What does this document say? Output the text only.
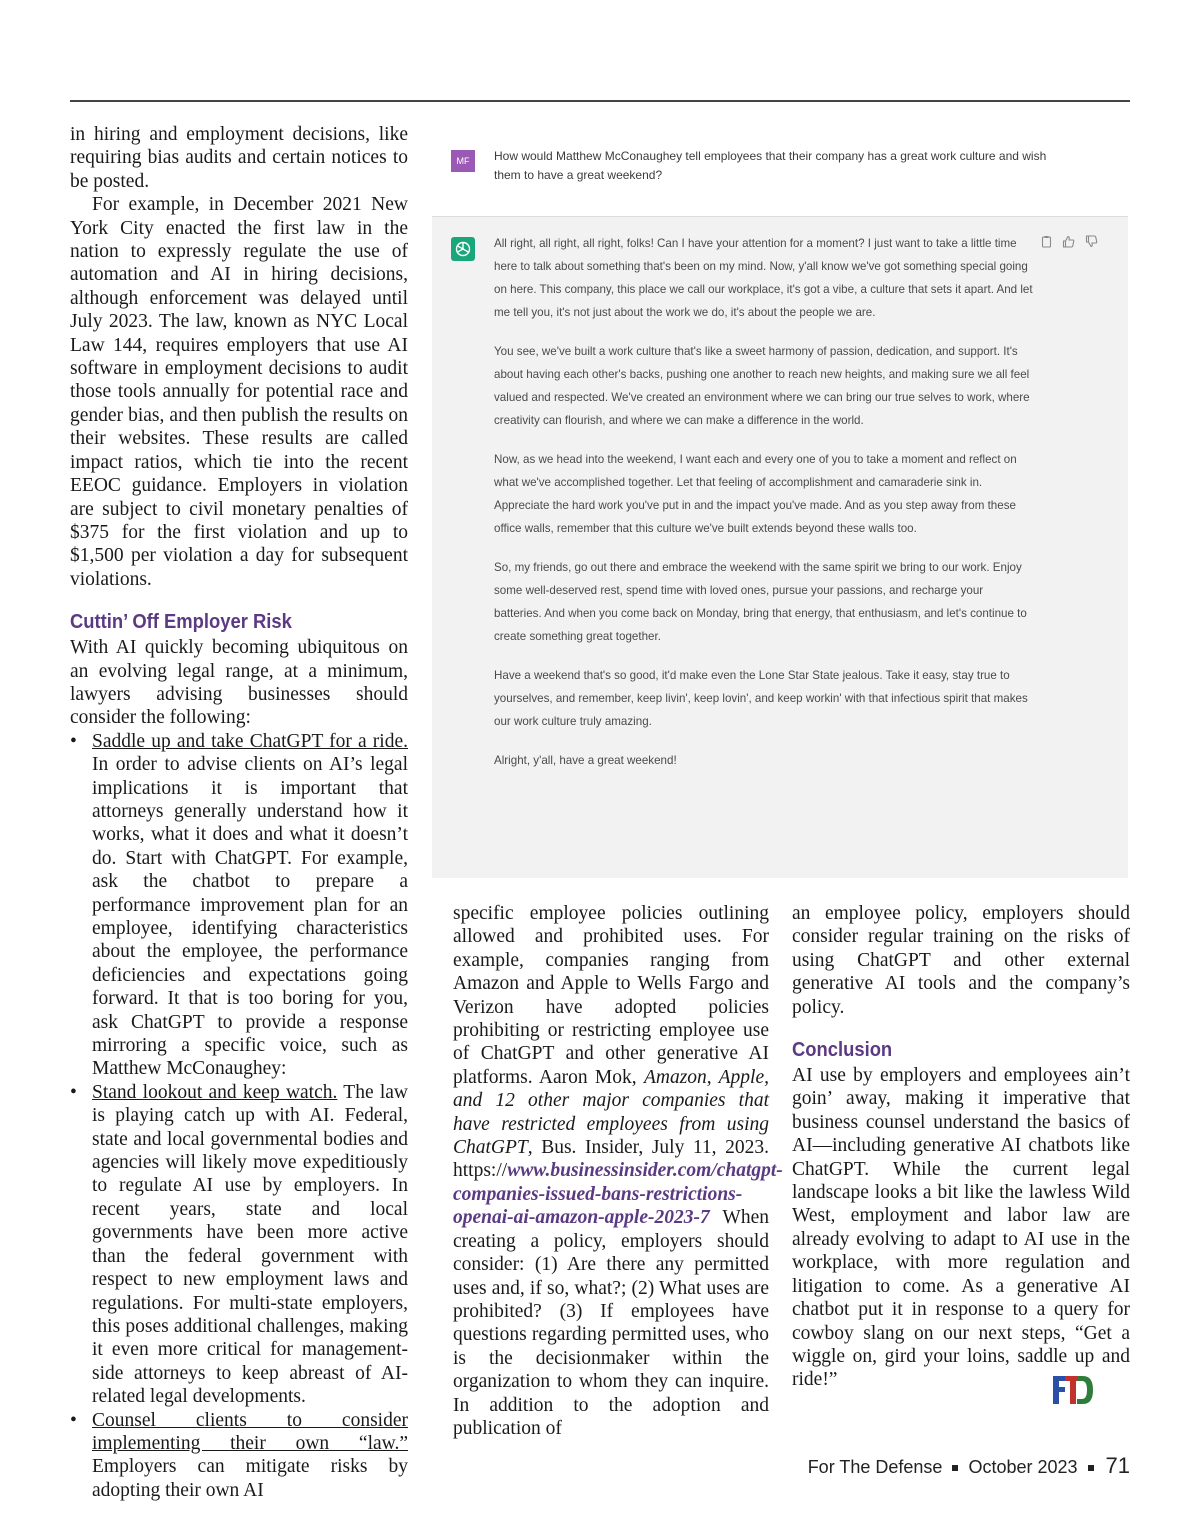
in hiring and employment decisions, like requiring bias audits and certain notices to be posted.

For example, in December 2021 New York City enacted the first law in the nation to expressly regulate the use of automation and AI in hiring decisions, although enforcement was delayed until July 2023. The law, known as NYC Local Law 144, requires employers that use AI software in employment decisions to audit those tools annually for potential race and gender bias, and then publish the results on their websites. These results are called impact ratios, which tie into the recent EEOC guidance. Employers in violation are subject to civil monetary penalties of $375 for the first violation and up to $1,500 per violation a day for subsequent violations.

Cuttin’ Off Employer Risk

With AI quickly becoming ubiquitous on an evolving legal range, at a minimum, lawyers advising businesses should consider the following:

• Saddle up and take ChatGPT for a ride. In order to advise clients on AI’s legal implications it is important that attorneys generally understand how it works, what it does and what it doesn’t do. Start with ChatGPT. For example, ask the chatbot to prepare a performance improvement plan for an employee, identifying characteristics about the employee, the performance deficiencies and expectations going forward. It that is too boring for you, ask ChatGPT to provide a response mirroring a specific voice, such as Matthew McConaughey:
• Stand lookout and keep watch. The law is playing catch up with AI. Federal, state and local governmental bodies and agencies will likely move expeditiously to regulate AI use by employers. In recent years, state and local governments have been more active than the federal government with respect to new employment laws and regulations. For multi-state employers, this poses additional challenges, making it even more critical for management-side attorneys to keep abreast of AI-related legal developments.
• Counsel clients to consider implementing their own “law.” Employers can mitigate risks by adopting their own AI
MF	How would Matthew McConaughey tell employees that their company has a great work culture and wish them to have a great weekend?

All right, all right, all right, folks! Can I have your attention for a moment? I just want to take a little time here to talk about something that's been on my mind. Now, y'all know we've got something special going on here. This company, this place we call our workplace, it's got a vibe, a culture that sets it apart. And let me tell you, it's not just about the work we do, it's about the people we are.

You see, we've built a work culture that's like a sweet harmony of passion, dedication, and support. It's about having each other's backs, pushing one another to reach new heights, and making sure we all feel valued and respected. We've created an environment where we can bring our true selves to work, where creativity can flourish, and where we can make a difference in the world.

Now, as we head into the weekend, I want each and every one of you to take a moment and reflect on what we've accomplished together. Let that feeling of accomplishment and camaraderie sink in. Appreciate the hard work you've put in and the impact you've made. And as you step away from these office walls, remember that this culture we've built extends beyond these walls too.

So, my friends, go out there and embrace the weekend with the same spirit we bring to our work. Enjoy some well-deserved rest, spend time with loved ones, pursue your passions, and recharge your batteries. And when you come back on Monday, bring that energy, that enthusiasm, and let's continue to create something great together.

Have a weekend that's so good, it'd make even the Lone Star State jealous. Take it easy, stay true to yourselves, and remember, keep livin', keep lovin', and keep workin' with that infectious spirit that makes our work culture truly amazing.

Alright, y'all, have a great weekend!

specific employee policies outlining allowed and prohibited uses. For example, companies ranging from Amazon and Apple to Wells Fargo and Verizon have adopted policies prohibiting or restricting employee use of ChatGPT and other generative AI platforms. Aaron Mok, Amazon, Apple, and 12 other major companies that have restricted employees from using ChatGPT, Bus. Insider, July 11, 2023. https://www.businessinsider.com/chatgpt-companies-issued-bans-restrictions-openai-ai-amazon-apple-2023-7 When creating a policy, employers should consider: (1) Are there any permitted uses and, if so, what?; (2) What uses are prohibited? (3) If employees have questions regarding permitted uses, who is the decisionmaker within the organization to whom they can inquire. In addition to the adoption and publication of

an employee policy, employers should consider regular training on the risks of using ChatGPT and other external generative AI tools and the company’s policy.

Conclusion

AI use by employers and employees ain’t goin’ away, making it imperative that business counsel understand the basics of AI—including generative AI chatbots like ChatGPT. While the current legal landscape looks a bit like the lawless Wild West, employment and labor law are already evolving to adapt to AI use in the workplace, with more regulation and litigation to come. As a generative AI chatbot put it in response to a query for cowboy slang on our next steps, “Get a wiggle on, gird your loins, saddle up and ride!”

For The Defense October 2023 71
